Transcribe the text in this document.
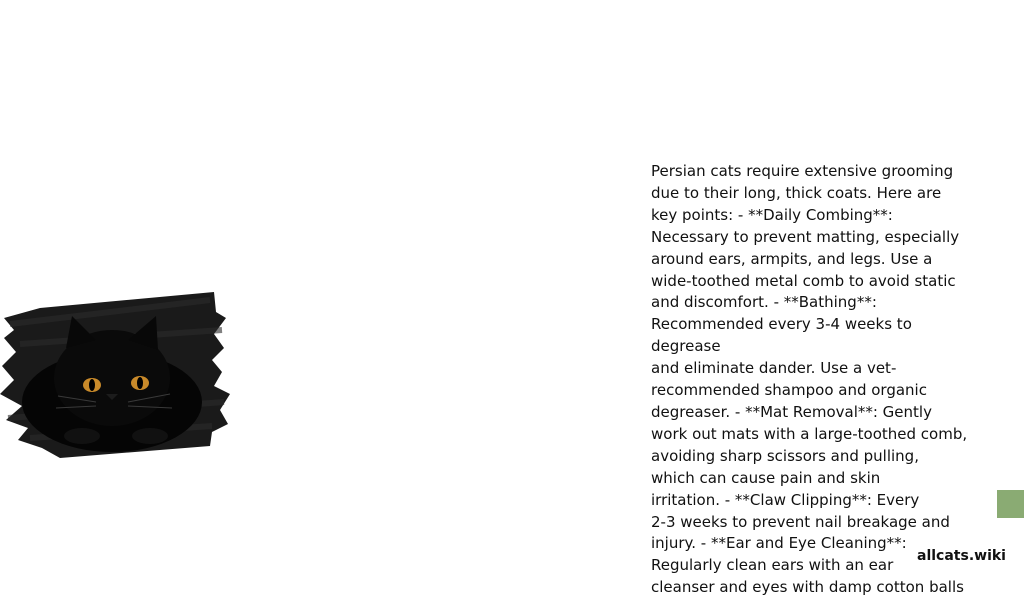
Persian cats require extensive grooming
due to their long, thick coats. Here are
key points: - **Daily Combing**:
Necessary to prevent matting, especially
around ears, armpits, and legs. Use a
wide-toothed metal comb to avoid static
and discomfort. - **Bathing**:
Recommended every 3-4 weeks to degrease
and eliminate dander. Use a vet-
recommended shampoo and organic
degreaser. - **Mat Removal**: Gently
work out mats with a large-toothed comb,
avoiding sharp scissors and pulling,
which can cause pain and skin
irritation. - **Claw Clipping**: Every
2-3 weeks to prevent nail breakage and
injury. - **Ear and Eye Cleaning**:
Regularly clean ears with an ear
cleanser and eyes with damp cotton balls

allcats.wiki
